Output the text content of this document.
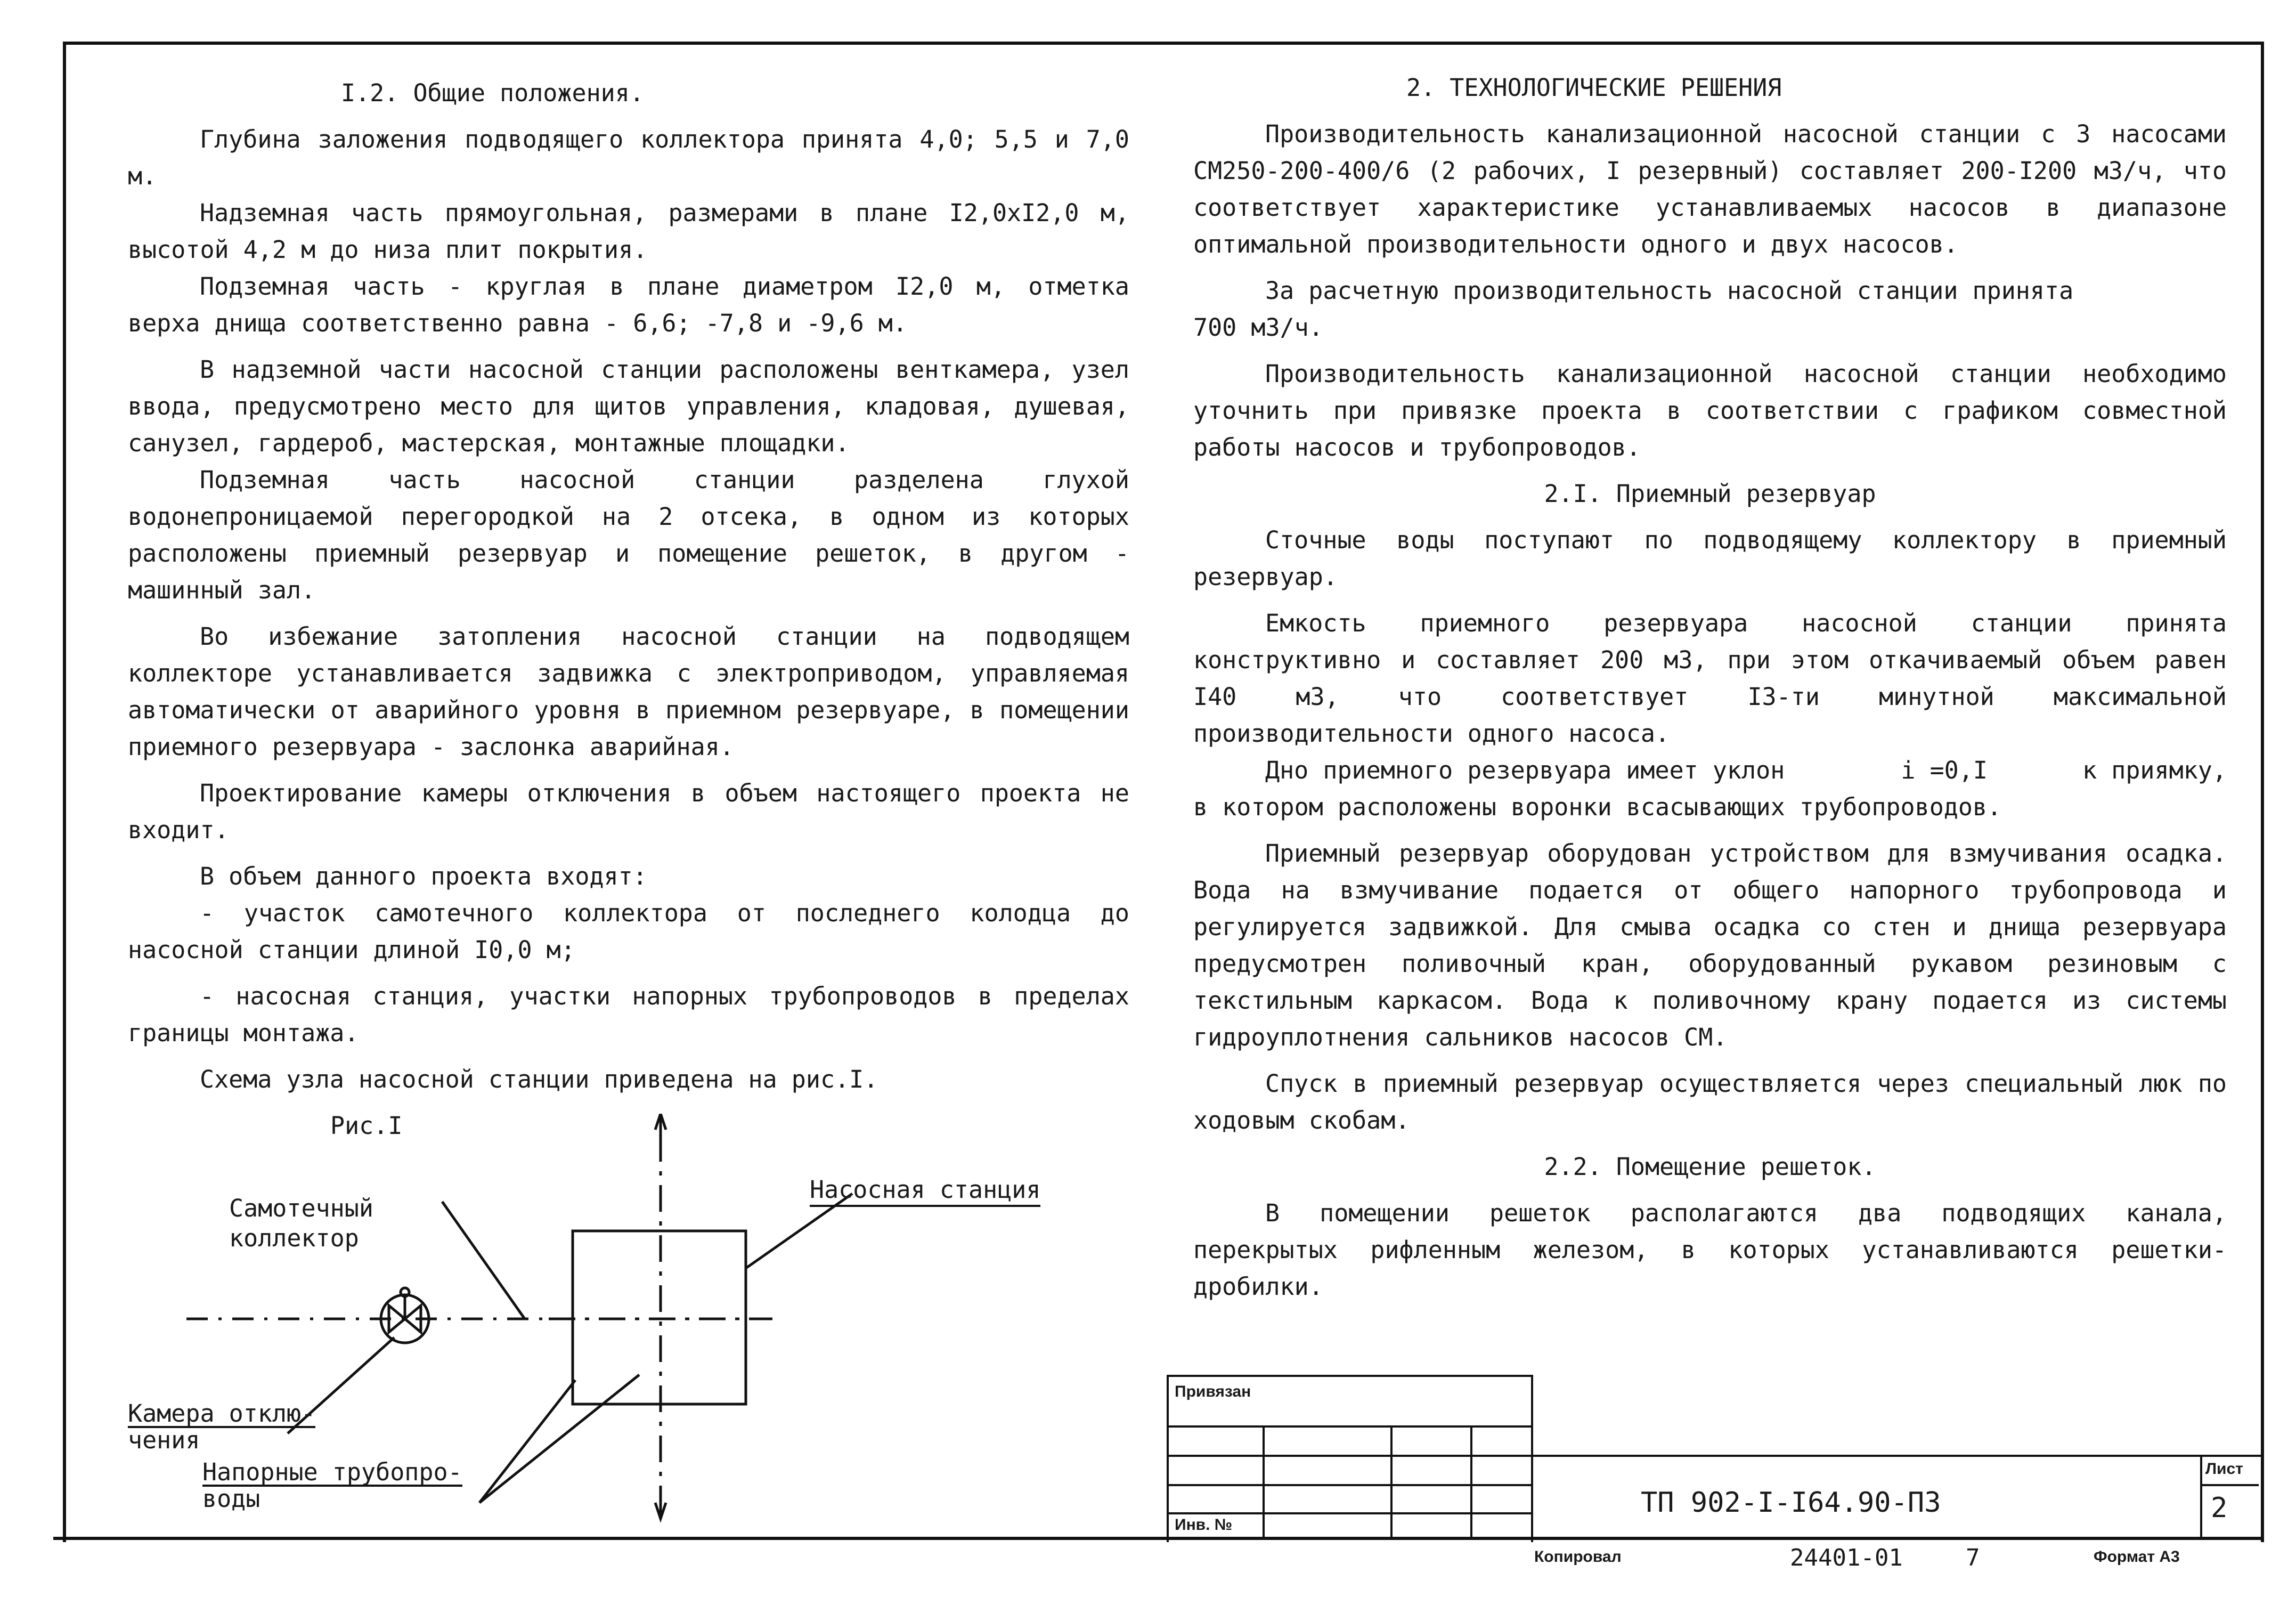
I.2. Общие положения.

Глубина заложения подводящего коллектора принята 4,0; 5,5 и 7,0 м.

Надземная часть прямоугольная, размерами в плане I2,0хI2,0 м, высотой 4,2 м до низа плит покрытия.

Подземная часть - круглая в плане диаметром I2,0 м, отметка верха днища соответственно равна - 6,6; -7,8 и -9,6 м.

В надземной части насосной станции расположены венткамера, узел ввода, предусмотрено место для щитов управления, кладовая, душевая, санузел, гардероб, мастерская, монтажные площадки.

Подземная часть насосной станции разделена глухой водонепроницаемой перегородкой на 2 отсека, в одном из которых расположены приемный резервуар и помещение решеток, в другом - машинный зал.

Во избежание затопления насосной станции на подводящем коллекторе устанавливается задвижка с электроприводом, управляемая автоматически от аварийного уровня в приемном резервуаре, в помещении приемного резервуара - заслонка аварийная.

Проектирование камеры отключения в объем настоящего проекта не входит.

В объем данного проекта входят:

- участок самотечного коллектора от последнего колодца до насосной станции длиной I0,0 м;

- насосная станция, участки напорных трубопроводов в пределах границы монтажа.

Схема узла насосной станции приведена на рис.I.

Рис.I

Самотечный
коллектор
Насосная станция
Камера отклю-
чения
Напорные трубопро-
воды

2. ТЕХНОЛОГИЧЕСКИЕ РЕШЕНИЯ

Производительность канализационной насосной станции с 3 насосами СМ250-200-400/6 (2 рабочих, I резервный) составляет 200-I200 м3/ч, что соответствует характеристике устанавливаемых насосов в диапазоне оптимальной производительности одного и двух насосов.

За расчетную производительность насосной станции принята

700 м3/ч.

Производительность канализационной насосной станции необходимо уточнить при привязке проекта в соответствии с графиком совместной работы насосов и трубопроводов.

2.I. Приемный резервуар

Сточные воды поступают по подводящему коллектору в приемный резервуар.

Емкость приемного резервуара насосной станции принята конструктивно и составляет 200 м3, при этом откачиваемый объем равен I40 м3, что соответствует I3-ти минутной максимальной производительности одного насоса.

Дно приемного резервуара имеет уклон	i =0,I	к приямку,

в котором расположены воронки всасывающих трубопроводов.

Приемный резервуар оборудован устройством для взмучивания осадка. Вода на взмучивание подается от общего напорного трубопровода и регулируется задвижкой. Для смыва осадка со стен и днища резервуара предусмотрен поливочный кран, оборудованный рукавом резиновым с текстильным каркасом. Вода к поливочному крану подается из системы гидроуплотнения сальников насосов СМ.

Спуск в приемный резервуар осуществляется через специальный люк по ходовым скобам.

2.2. Помещение решеток.

В помещении решеток располагаются два подводящих канала, перекрытых рифленным железом, в которых устанавливаются решетки-дробилки.

Привязан
Инв. №
ТП 902-I-I64.90-ПЗ
Лист
2
Копировал	24401-01	7	Формат А3
